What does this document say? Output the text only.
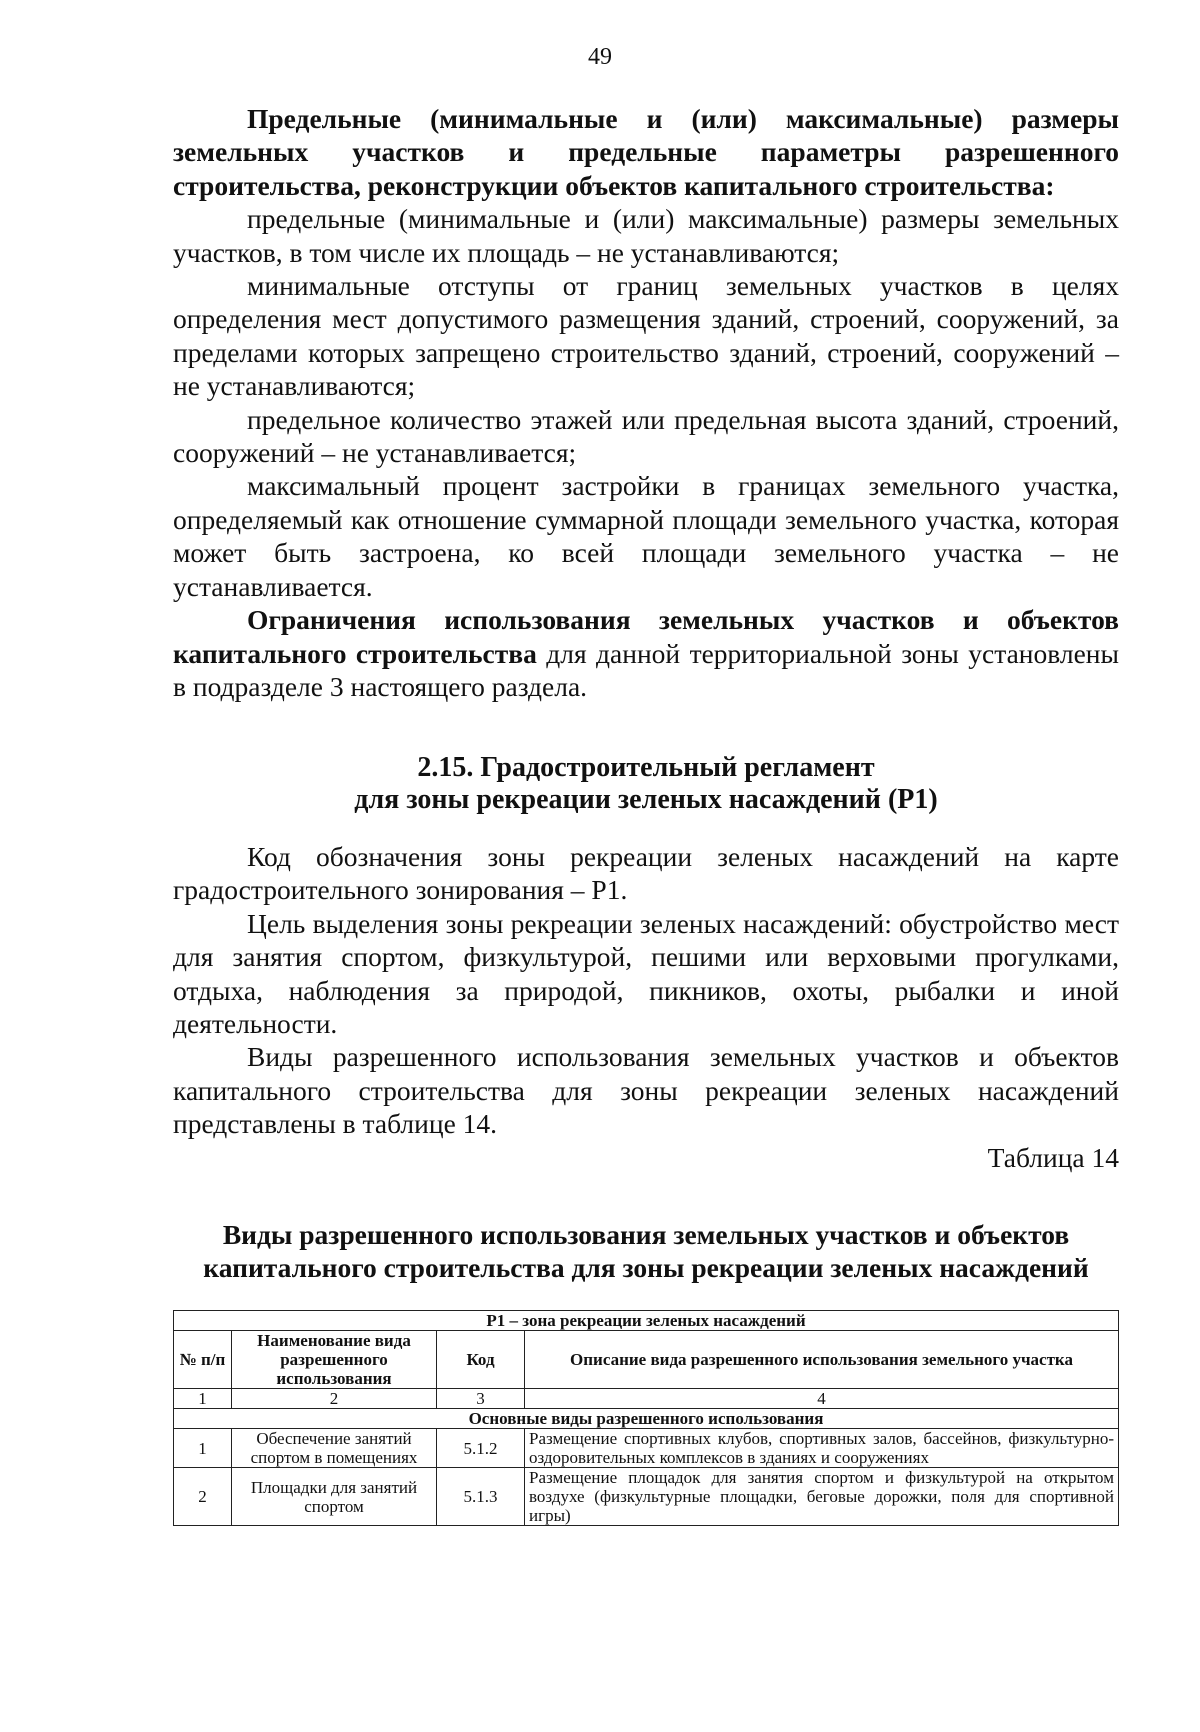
49

Предельные (минимальные и (или) максимальные) размеры земельных участков и предельные параметры разрешенного строительства, реконструкции объектов капитального строительства:

предельные (минимальные и (или) максимальные) размеры земельных участков, в том числе их площадь – не устанавливаются;

минимальные отступы от границ земельных участков в целях определения мест допустимого размещения зданий, строений, сооружений, за пределами которых запрещено строительство зданий, строений, сооружений – не устанавливаются;

предельное количество этажей или предельная высота зданий, строений, сооружений – не устанавливается;

максимальный процент застройки в границах земельного участка, определяемый как отношение суммарной площади земельного участка, которая может быть застроена, ко всей площади земельного участка – не устанавливается.

Ограничения использования земельных участков и объектов капитального строительства для данной территориальной зоны установлены в подразделе 3 настоящего раздела.

2.15. Градостроительный регламент

для зоны рекреации зеленых насаждений (Р1)

Код обозначения зоны рекреации зеленых насаждений на карте градостроительного зонирования – Р1.

Цель выделения зоны рекреации зеленых насаждений: обустройство мест для занятия спортом, физкультурой, пешими или верховыми прогулками, отдыха, наблюдения за природой, пикников, охоты, рыбалки и иной деятельности.

Виды разрешенного использования земельных участков и объектов капитального строительства для зоны рекреации зеленых насаждений представлены в таблице 14.

Таблица 14

Виды разрешенного использования земельных участков и объектов
капитального строительства для зоны рекреации зеленых насаждений
Р1 – зона рекреации зеленых насаждений			
№ п/п	Наименование вида разрешенного использования	Код	Описание вида разрешенного использования земельного участка
1	2	3	4
Основные виды разрешенного использования			
1	Обеспечение занятий спортом в помещениях	5.1.2	Размещение спортивных клубов, спортивных залов, бассейнов, физкультурно-оздоровительных комплексов в зданиях и сооружениях
2	Площадки для занятий спортом	5.1.3	Размещение площадок для занятия спортом и физкультурой на открытом воздухе (физкультурные площадки, беговые дорожки, поля для спортивной игры)
